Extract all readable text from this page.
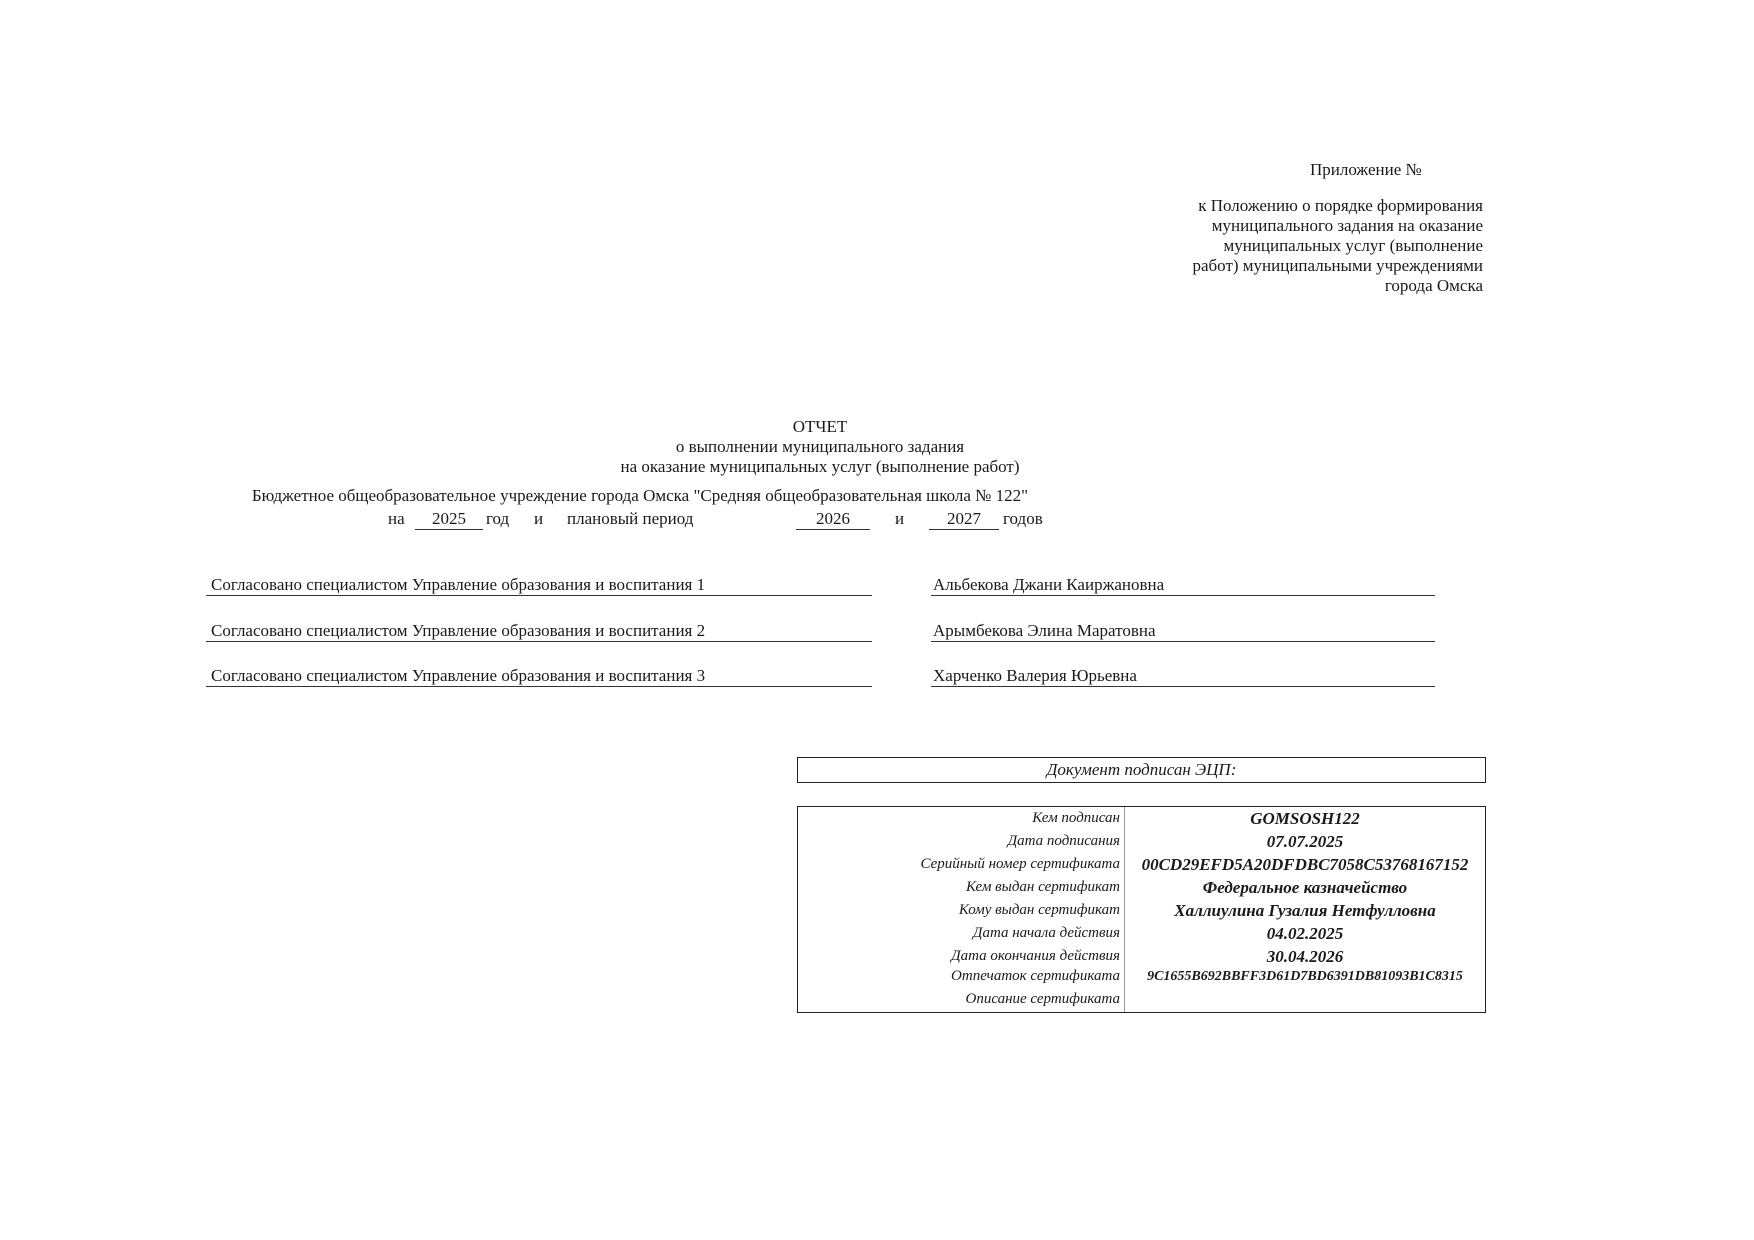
Приложение №
к Положению о порядке формирования
муниципального задания на оказание
муниципальных услуг (выполнение
работ) муниципальными учреждениями
города Омска
ОТЧЕТ
о выполнении муниципального задания
на оказание муниципальных услуг (выполнение работ)
Бюджетное общеобразовательное учреждение города Омска "Средняя общеобразовательная школа № 122"
на	2025	год и плановый период	2026	и	2027	годов
Согласовано специалистом Управление образования и воспитания 1	Альбекова Джани Каиржановна
Согласовано специалистом Управление образования и воспитания 2	Арымбекова Элина Маратовна
Согласовано специалистом Управление образования и воспитания 3	Харченко Валерия Юрьевна
Документ подписан ЭЦП:
Кем подписан	GOMSOSH122
Дата подписания	07.07.2025
Серийный номер сертификата	00CD29EFD5A20DFDBC7058C53768167152
Кем выдан сертификат	Федеральное казначейство
Кому выдан сертификат	Халлиулина Гузалия Нетфулловна
Дата начала действия	04.02.2025
Дата окончания действия	30.04.2026
Отпечаток сертификата	9C1655B692BBFF3D61D7BD6391DB81093B1C8315
Описание сертификата
